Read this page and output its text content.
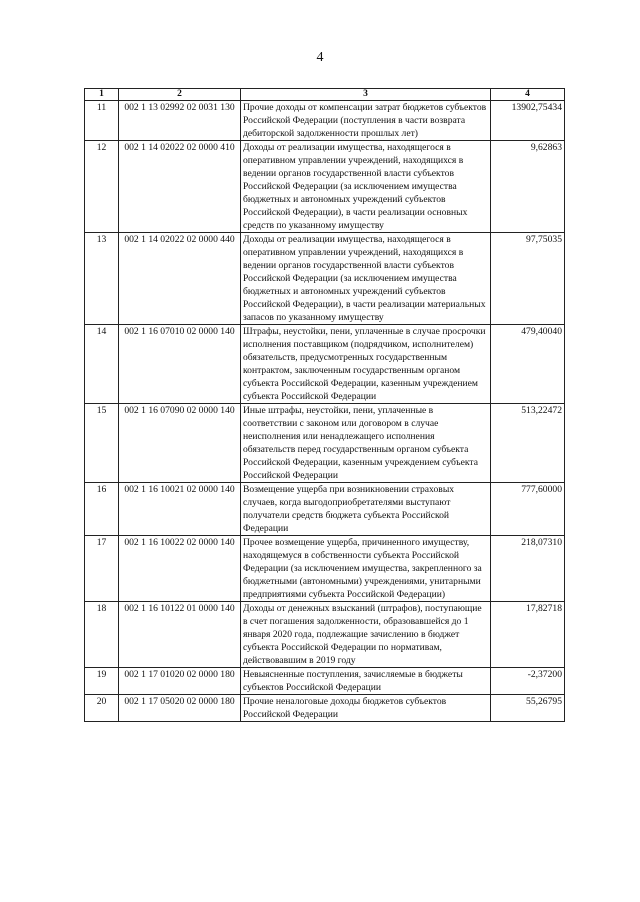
4
1	2	3	4
11	002 1 13 02992 02 0031 130	Прочие доходы от компенсации затрат бюджетов субъектов Российской Федерации (поступления в части возврата дебиторской задолженности прошлых лет)	13902,75434
12	002 1 14 02022 02 0000 410	Доходы от реализации имущества, находящегося в оперативном управлении учреждений, находящихся в ведении органов государственной власти субъектов Российской Федерации (за исключением имущества бюджетных и автономных учреждений субъектов Российской Федерации), в части реализации основных средств по указанному имуществу	9,62863
13	002 1 14 02022 02 0000 440	Доходы от реализации имущества, находящегося в оперативном управлении учреждений, находящихся в ведении органов государственной власти субъектов Российской Федерации (за исключением имущества бюджетных и автономных учреждений субъектов Российской Федерации), в части реализации материальных запасов по указанному имуществу	97,75035
14	002 1 16 07010 02 0000 140	Штрафы, неустойки, пени, уплаченные в случае просрочки исполнения поставщиком (подрядчиком, исполнителем) обязательств, предусмотренных государственным контрактом, заключенным государственным органом субъекта Российской Федерации, казенным учреждением субъекта Российской Федерации	479,40040
15	002 1 16 07090 02 0000 140	Иные штрафы, неустойки, пени, уплаченные в соответствии с законом или договором в случае неисполнения или ненадлежащего исполнения обязательств перед государственным органом субъекта Российской Федерации, казенным учреждением субъекта Российской Федерации	513,22472
16	002 1 16 10021 02 0000 140	Возмещение ущерба при возникновении страховых случаев, когда выгодоприобретателями выступают получатели средств бюджета субъекта Российской Федерации	777,60000
17	002 1 16 10022 02 0000 140	Прочее возмещение ущерба, причиненного имуществу, находящемуся в собственности субъекта Российской Федерации (за исключением имущества, закрепленного за бюджетными (автономными) учреждениями, унитарными предприятиями субъекта Российской Федерации)	218,07310
18	002 1 16 10122 01 0000 140	Доходы от денежных взысканий (штрафов), поступающие в счет погашения задолженности, образовавшейся до 1 января 2020 года, подлежащие зачислению в бюджет субъекта Российской Федерации по нормативам, действовавшим в 2019 году	17,82718
19	002 1 17 01020 02 0000 180	Невыясненные поступления, зачисляемые в бюджеты субъектов Российской Федерации	-2,37200
20	002 1 17 05020 02 0000 180	Прочие неналоговые доходы бюджетов субъектов Российской Федерации	55,26795
